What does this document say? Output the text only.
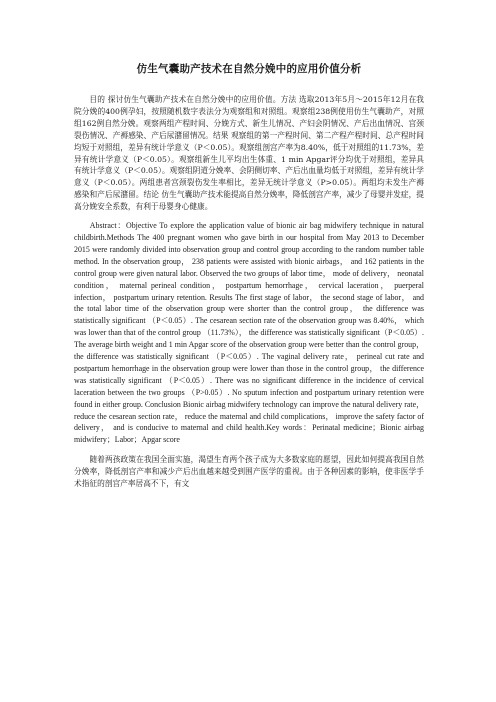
仿生气囊助产技术在自然分娩中的应用价值分析

目的 探讨仿生气囊助产技术在自然分娩中的应用价值。方法 选取2013年5月～2015年12月在我院分娩的400例孕妇，按照随机数字表法分为观察组和对照组。观察组238例使用仿生气囊助产，对照组162例自然分娩。观察两组产程时间、分娩方式、新生儿情况、产妇会阴情况、产后出血情况、宫颈裂伤情况、产褥感染、产后尿潴留情况。结果 观察组的第一产程时间、第二产程产程时间、总产程时间均短于对照组，差异有统计学意义（P＜0.05）。观察组剖宫产率为8.40%，低于对照组的11.73%，差异有统计学意义（P＜0.05）。观察组新生儿平均出生体重、1 min Apgar评分均优于对照组，差异具有统计学意义（P＜0.05）。观察组阴道分娩率、会阴侧切率、产后出血量均低于对照组，差异有统计学意义（P＜0.05）。两组患者宫颈裂伤发生率相比，差异无统计学意义（P>0.05）。两组均未发生产褥感染和产后尿潴留。结论 仿生气囊助产技术能提高自然分娩率，降低剖宫产率，减少了母婴并发症，提高分娩安全系数，有利于母婴身心健康。

Abstract：Objective To explore the application value of bionic air bag midwifery technique in natural childbirth.Methods The 400 pregnant women who gave birth in our hospital from May 2013 to December 2015 were randomly divided into observation group and control group according to the random number table method. In the observation group， 238 patients were assisted with bionic airbags， and 162 patients in the control group were given natural labor. Observed the two groups of labor time， mode of delivery， neonatal condition， maternal perineal condition， postpartum hemorrhage， cervical laceration， puerperal infection， postpartum urinary retention. Results The first stage of labor， the second stage of labor， and the total labor time of the observation group were shorter than the control group， the difference was statistically significant （P＜0.05）. The cesarean section rate of the observation group was 8.40%， which was lower than that of the control group （11.73%）， the difference was statistically significant（P＜0.05）. The average birth weight and 1 min Apgar score of the observation group were better than the control group， the difference was statistically significant （P＜0.05）. The vaginal delivery rate， perineal cut rate and postpartum hemorrhage in the observation group were lower than those in the control group， the difference was statistically significant （P＜0.05）. There was no significant difference in the incidence of cervical laceration between the two groups （P>0.05）. No sputum infection and postpartum urinary retention were found in either group. Conclusion Bionic airbag midwifery technology can improve the natural delivery rate， reduce the cesarean section rate， reduce the maternal and child complications， improve the safety factor of delivery， and is conducive to maternal and child health.Key words：Perinatal medicine；Bionic airbag midwifery；Labor；Apgar score

随着两孩政策在我国全面实施，渴望生育两个孩子成为大多数家庭的愿望，因此如何提高我国自然分娩率，降低剖宫产率和减少产后出血越来越受到围产医学的重视。由于各种因素的影响，使非医学手术指征的剖宫产率居高不下，有文
